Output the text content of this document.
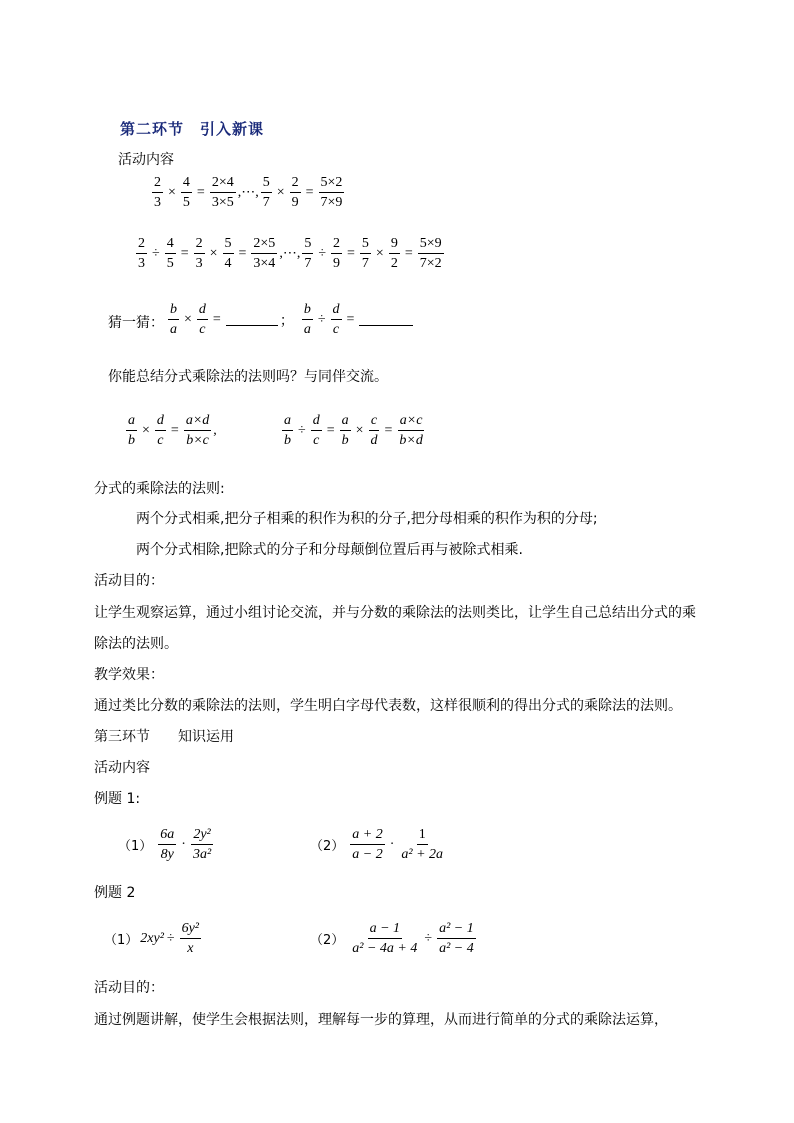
第二环节　引入新课
活动内容
$\frac{2}{3} \times \frac{4}{5} = \frac{2\times 4}{3\times 5}$ ,⋯, $\frac{5}{7} \times \frac{2}{9} = \frac{5\times 2}{7\times 9}$
$\frac{2}{3} \div \frac{4}{5} = \frac{2}{3} \times \frac{5}{4} = \frac{2\times 5}{3\times 4}$ ,⋯, $\frac{5}{7} \div \frac{2}{9} = \frac{5}{7} \times \frac{9}{2} = \frac{5\times 9}{7\times 2}$
猜一猜： $\frac{b}{a} \times \frac{d}{c}$ =	； $\frac{b}{a} \div \frac{d}{c}$ =
你能总结分式乘除法的法则吗？与同伴交流。
$\frac{a}{b} \times \frac{d}{c} = \frac{a\times d}{b\times c}$ ,	$\frac{a}{b} \div \frac{d}{c} = \frac{a}{b} \times \frac{c}{d} = \frac{a\times c}{b\times d}$
分式的乘除法的法则:
两个分式相乘,把分子相乘的积作为积的分子,把分母相乘的积作为积的分母;
两个分式相除,把除式的分子和分母颠倒位置后再与被除式相乘.
活动目的：
让学生观察运算，通过小组讨论交流，并与分数的乘除法的法则类比，让学生自己总结出分式的乘
除法的法则。
教学效果：
通过类比分数的乘除法的法则，学生明白字母代表数，这样很顺利的得出分式的乘除法的法则。
第三环节　　知识运用
活动内容
例题 1:
$(1) \frac{6a}{8y} \cdot \frac{\text{2y²}}{\text{3a²}}$	$(2) \frac{a + 2}{a - 2} \cdot \frac{1}{\text{a² + 2a}}$
例题 2
（1） $2xy^2 \div \frac{\text{6y²}}{x}$	$(2) \frac{a - 1}{\text{a² − 4a + 4}} \div \frac{\text{a² − 1}}{\text{a² − 4}}$
活动目的：
通过例题讲解，使学生会根据法则，理解每一步的算理，从而进行简单的分式的乘除法运算，
